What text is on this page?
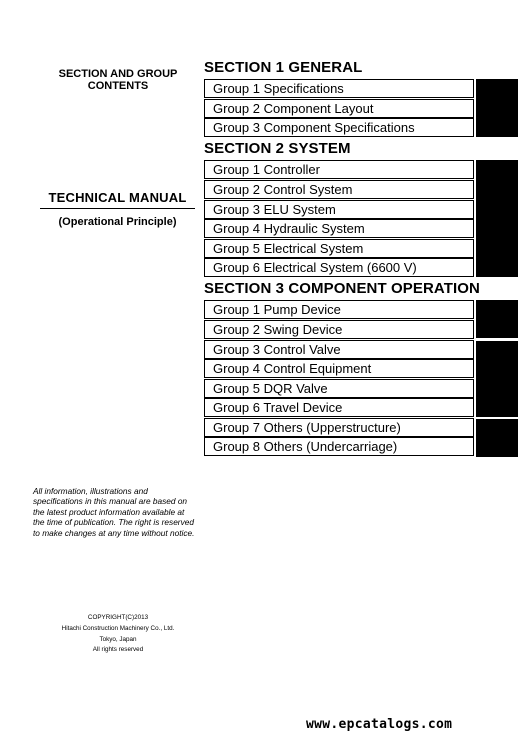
SECTION AND GROUP
CONTENTS
TECHNICAL MANUAL
(Operational Principle)
SECTION 1 GENERAL
Group 1 Specifications
Group 2 Component Layout
Group 3 Component Specifications
SECTION 2 SYSTEM
Group 1 Controller
Group 2 Control System
Group 3 ELU System
Group 4 Hydraulic System
Group 5 Electrical System
Group 6 Electrical System (6600 V)
SECTION 3 COMPONENT OPERATION
Group 1 Pump Device
Group 2 Swing Device
Group 3 Control Valve
Group 4 Control Equipment
Group 5 DQR Valve
Group 6 Travel Device
Group 7 Others (Upperstructure)
Group 8 Others (Undercarriage)
All information, illustrations and specifications in this manual are based on the latest product information available at the time of publication. The right is reserved to make changes at any time without notice.
COPYRIGHT(C)2013
Hitachi Construction Machinery Co., Ltd.
Tokyo, Japan
All rights reserved
www.epcatalogs.com
